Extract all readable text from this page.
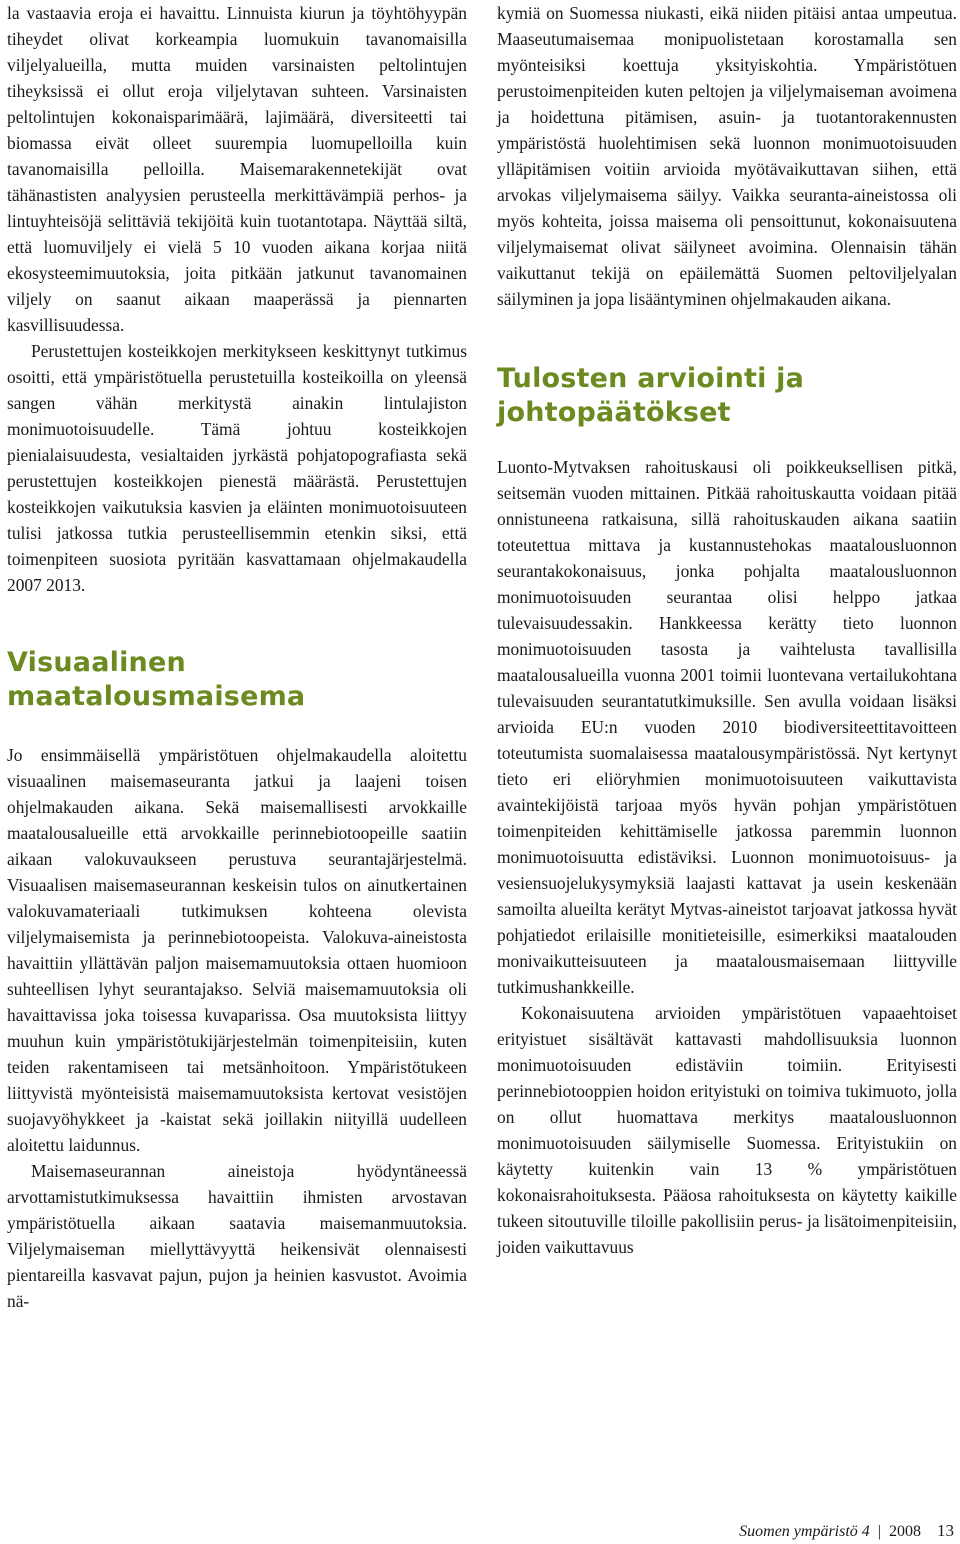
la vastaavia eroja ei havaittu. Linnuista kiurun ja töyhtöhyypän tiheydet olivat korkeampia luomukuin tavanomaisilla viljelyalueilla, mutta muiden varsinaisten peltolintujen tiheyksissä ei ollut eroja viljelytavan suhteen. Varsinaisten peltolintujen kokonaisparimäärä, lajimäärä, diversiteetti tai biomassa eivät olleet suurempia luomupelloilla kuin tavanomaisilla pelloilla. Maisemarakennetekijät ovat tähänastisten analyysien perusteella merkittävämpiä perhos- ja lintuyhteisöjä selittäviä tekijöitä kuin tuotantotapa. Näyttää siltä, että luomuviljely ei vielä 5 10 vuoden aikana korjaa niitä ekosysteemimuutoksia, joita pitkään jatkunut tavanomainen viljely on saanut aikaan maaperässä ja piennarten kasvillisuudessa.

Perustettujen kosteikkojen merkitykseen keskittynyt tutkimus osoitti, että ympäristötuella perustetuilla kosteikoilla on yleensä sangen vähän merkitystä ainakin lintulajiston monimuotoisuudelle. Tämä johtuu kosteikkojen pienialaisuudesta, vesialtaiden jyrkästä pohjatopografiasta sekä perustettujen kosteikkojen pienestä määrästä. Perustettujen kosteikkojen vaikutuksia kasvien ja eläinten monimuotoisuuteen tulisi jatkossa tutkia perusteellisemmin etenkin siksi, että toimenpiteen suosiota pyritään kasvattamaan ohjelmakaudella 2007 2013.

Visuaalinen maatalousmaisema

Jo ensimmäisellä ympäristötuen ohjelmakaudella aloitettu visuaalinen maisemaseuranta jatkui ja laajeni toisen ohjelmakauden aikana. Sekä maisemallisesti arvokkaille maatalousalueille että arvokkaille perinnebiotoopeille saatiin aikaan valokuvaukseen perustuva seurantajärjestelmä. Visuaalisen maisemaseurannan keskeisin tulos on ainutkertainen valokuvamateriaali tutkimuksen kohteena olevista viljelymaisemista ja perinnebiotoopeista. Valokuva-aineistosta havaittiin yllättävän paljon maisemamuutoksia ottaen huomioon suhteellisen lyhyt seurantajakso. Selviä maisemamuutoksia oli havaittavissa joka toisessa kuvaparissa. Osa muutoksista liittyy muuhun kuin ympäristötukijärjestelmän toimenpiteisiin, kuten teiden rakentamiseen tai metsänhoitoon. Ympäristötukeen liittyvistä myönteisistä maisemamuutoksista kertovat vesistöjen suojavyöhykkeet ja -kaistat sekä joillakin niityillä uudelleen aloitettu laidunnus.

Maisemaseurannan aineistoja hyödyntäneessä arvottamistutkimuksessa havaittiin ihmisten arvostavan ympäristötuella aikaan saatavia maisemanmuutoksia. Viljelymaiseman miellyttävyyttä heikensivät olennaisesti pientareilla kasvavat pajun, pujon ja heinien kasvustot. Avoimia nä-

kymiä on Suomessa niukasti, eikä niiden pitäisi antaa umpeutua. Maaseutumaisemaa monipuolistetaan korostamalla sen myönteisiksi koettuja yksityiskohtia. Ympäristötuen perustoimenpiteiden kuten peltojen ja viljelymaiseman avoimena ja hoidettuna pitämisen, asuin- ja tuotantorakennusten ympäristöstä huolehtimisen sekä luonnon monimuotoisuuden ylläpitämisen voitiin arvioida myötävaikuttavan siihen, että arvokas viljelymaisema säilyy. Vaikka seuranta-aineistossa oli myös kohteita, joissa maisema oli pensoittunut, kokonaisuutena viljelymaisemat olivat säilyneet avoimina. Olennaisin tähän vaikuttanut tekijä on epäilemättä Suomen peltoviljelyalan säilyminen ja jopa lisääntyminen ohjelmakauden aikana.

Tulosten arviointi ja johtopäätökset

Luonto-Mytvaksen rahoituskausi oli poikkeuksellisen pitkä, seitsemän vuoden mittainen. Pitkää rahoituskautta voidaan pitää onnistuneena ratkaisuna, sillä rahoituskauden aikana saatiin toteutettua mittava ja kustannustehokas maatalousluonnon seurantakokonaisuus, jonka pohjalta maatalousluonnon monimuotoisuuden seurantaa olisi helppo jatkaa tulevaisuudessakin. Hankkeessa kerätty tieto luonnon monimuotoisuuden tasosta ja vaihtelusta tavallisilla maatalousalueilla vuonna 2001 toimii luontevana vertailukohtana tulevaisuuden seurantatutkimuksille. Sen avulla voidaan lisäksi arvioida EU:n vuoden 2010 biodiversiteettitavoitteen toteutumista suomalaisessa maatalousympäristössä. Nyt kertynyt tieto eri eliöryhmien monimuotoisuuteen vaikuttavista avaintekijöistä tarjoaa myös hyvän pohjan ympäristötuen toimenpiteiden kehittämiselle jatkossa paremmin luonnon monimuotoisuutta edistäviksi. Luonnon monimuotoisuus- ja vesiensuojelukysymyksiä laajasti kattavat ja usein keskenään samoilta alueilta kerätyt Mytvas-aineistot tarjoavat jatkossa hyvät pohjatiedot erilaisille monitieteisille, esimerkiksi maatalouden monivaikutteisuuteen ja maatalousmaisemaan liittyville tutkimushankkeille.

Kokonaisuutena arvioiden ympäristötuen vapaaehtoiset erityistuet sisältävät kattavasti mahdollisuuksia luonnon monimuotoisuuden edistäviin toimiin. Erityisesti perinnebiotooppien hoidon erityistuki on toimiva tukimuoto, jolla on ollut huomattava merkitys maatalousluonnon monimuotoisuuden säilymiselle Suomessa. Erityistukiin on käytetty kuitenkin vain 13 % ympäristötuen kokonaisrahoituksesta. Pääosa rahoituksesta on käytetty kaikille tukeen sitoutuville tiloille pakollisiin perus- ja lisätoimenpiteisiin, joiden vaikuttavuus

Suomen ympäristö 4 | 2008 13
